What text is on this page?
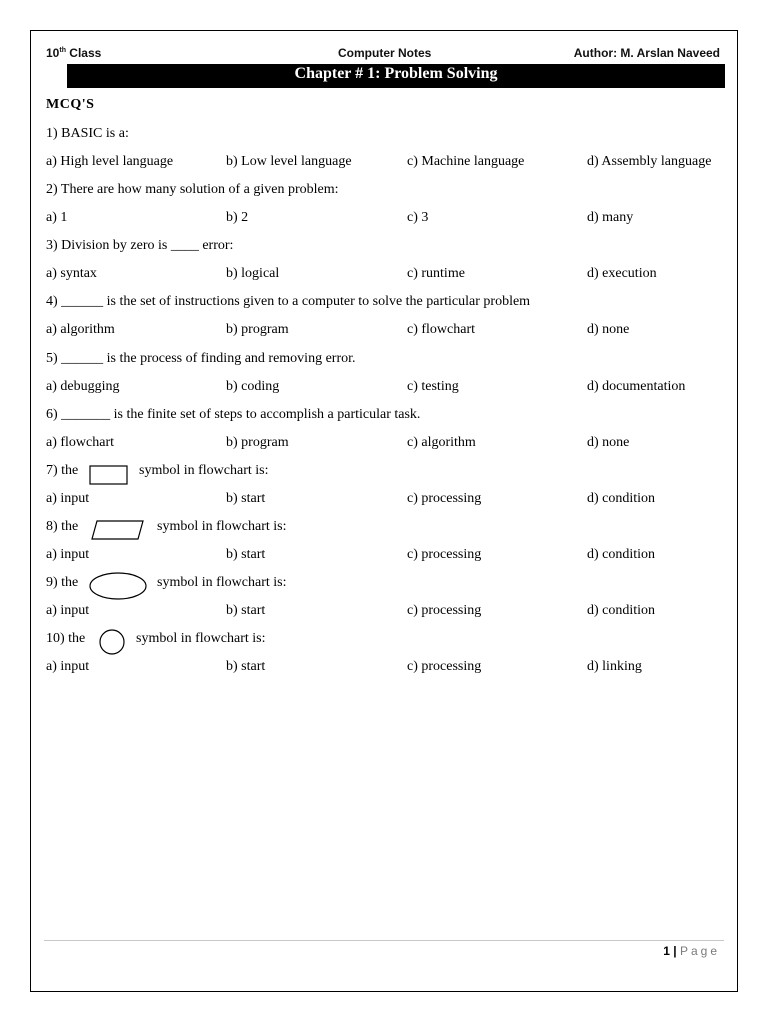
10th Class	Computer Notes	Author: M. Arslan Naveed
Chapter # 1: Problem Solving
MCQ'S
1) BASIC is a:
a) High level language	b) Low level language	c) Machine language	d) Assembly language
2) There are how many solution of a given problem:
a) 1	b) 2	c) 3	d) many
3) Division by zero is ____ error:
a) syntax	b) logical	c) runtime	d) execution
4) ______ is the set of instructions given to a computer to solve the particular problem
a) algorithm	b) program	c) flowchart	d) none
5) ______ is the process of finding and removing error.
a) debugging	b) coding	c) testing	d) documentation
6) _______ is the finite set of steps to accomplish a particular task.
a) flowchart	b) program	c) algorithm	d) none
7) the	symbol in flowchart is:
a) input	b) start	c) processing	d) condition
8) the	symbol in flowchart is:
a) input	b) start	c) processing	d) condition
9) the	symbol in flowchart is:
a) input	b) start	c) processing	d) condition
10) the	symbol in flowchart is:
a) input	b) start	c) processing	d) linking
1 | Page
